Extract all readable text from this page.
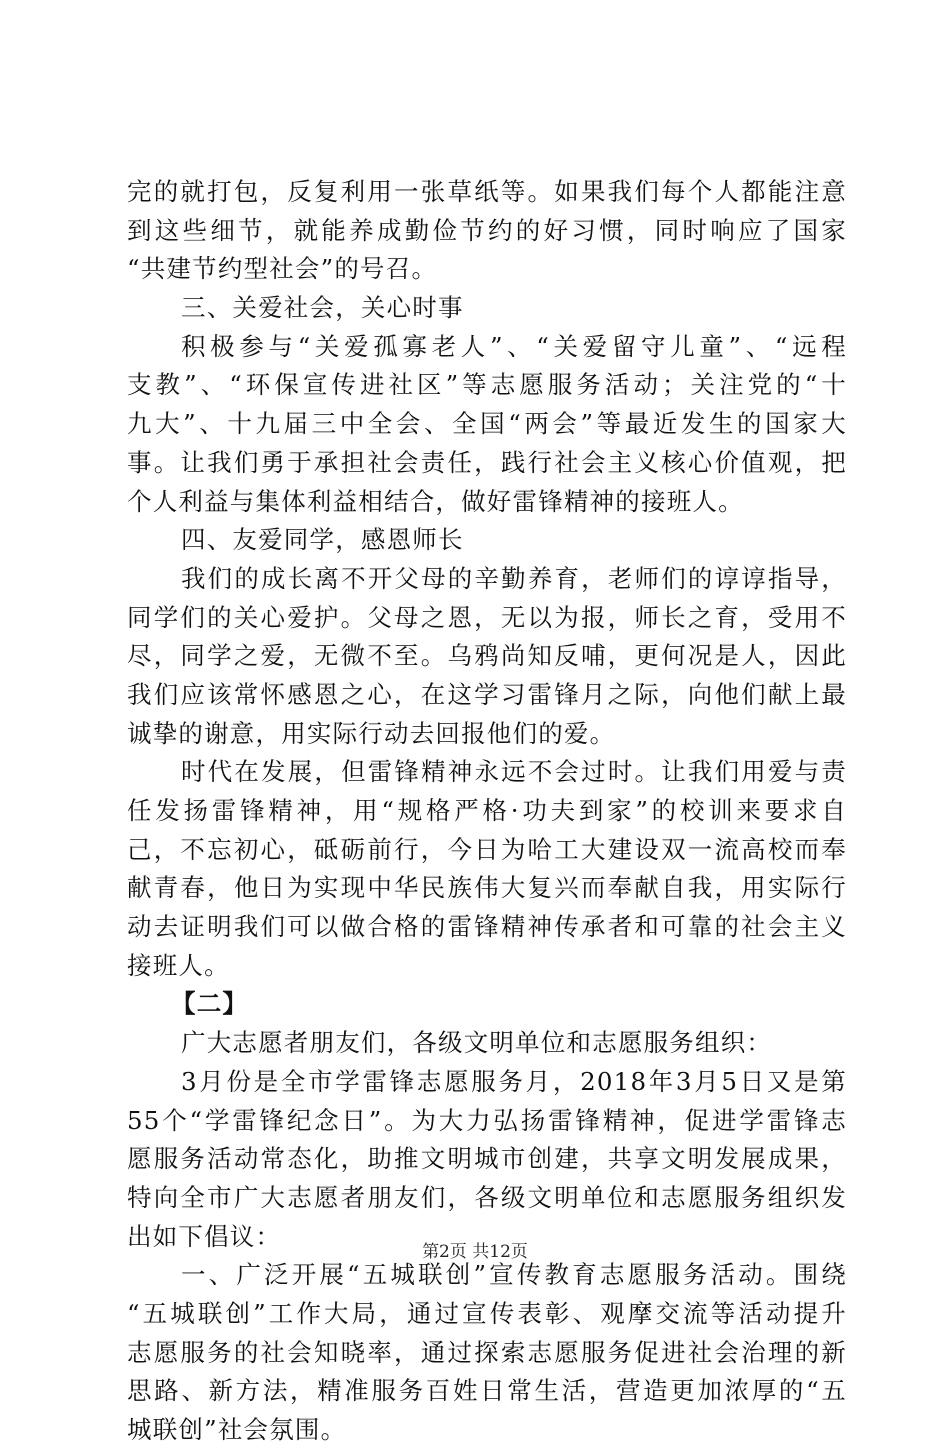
完的就打包，反复利用一张草纸等。如果我们每个人都能注意
到这些细节，就能养成勤俭节约的好习惯，同时响应了国家
“共建节约型社会”的号召。
三、关爱社会，关心时事
积极参与“关爱孤寡老人”、“关爱留守儿童”、“远程
支教”、“环保宣传进社区”等志愿服务活动；关注党的“十
九大”、十九届三中全会、全国“两会”等最近发生的国家大
事。让我们勇于承担社会责任，践行社会主义核心价值观，把
个人利益与集体利益相结合，做好雷锋精神的接班人。
四、友爱同学，感恩师长
我们的成长离不开父母的辛勤养育，老师们的谆谆指导，
同学们的关心爱护。父母之恩，无以为报，师长之育，受用不
尽，同学之爱，无微不至。乌鸦尚知反哺，更何况是人，因此
我们应该常怀感恩之心，在这学习雷锋月之际，向他们献上最
诚挚的谢意，用实际行动去回报他们的爱。
时代在发展，但雷锋精神永远不会过时。让我们用爱与责
任发扬雷锋精神，用“规格严格·功夫到家”的校训来要求自
己，不忘初心，砥砺前行，今日为哈工大建设双一流高校而奉
献青春，他日为实现中华民族伟大复兴而奉献自我，用实际行
动去证明我们可以做合格的雷锋精神传承者和可靠的社会主义
接班人。
【二】
广大志愿者朋友们，各级文明单位和志愿服务组织：
3月份是全市学雷锋志愿服务月，2018年3月5日又是第
55个“学雷锋纪念日”。为大力弘扬雷锋精神，促进学雷锋志
愿服务活动常态化，助推文明城市创建，共享文明发展成果，
特向全市广大志愿者朋友们，各级文明单位和志愿服务组织发
出如下倡议：
一、广泛开展“五城联创”宣传教育志愿服务活动。围绕
“五城联创”工作大局，通过宣传表彰、观摩交流等活动提升
志愿服务的社会知晓率，通过探索志愿服务促进社会治理的新
思路、新方法，精准服务百姓日常生活，营造更加浓厚的“五
城联创”社会氛围。
第2页 共12页
